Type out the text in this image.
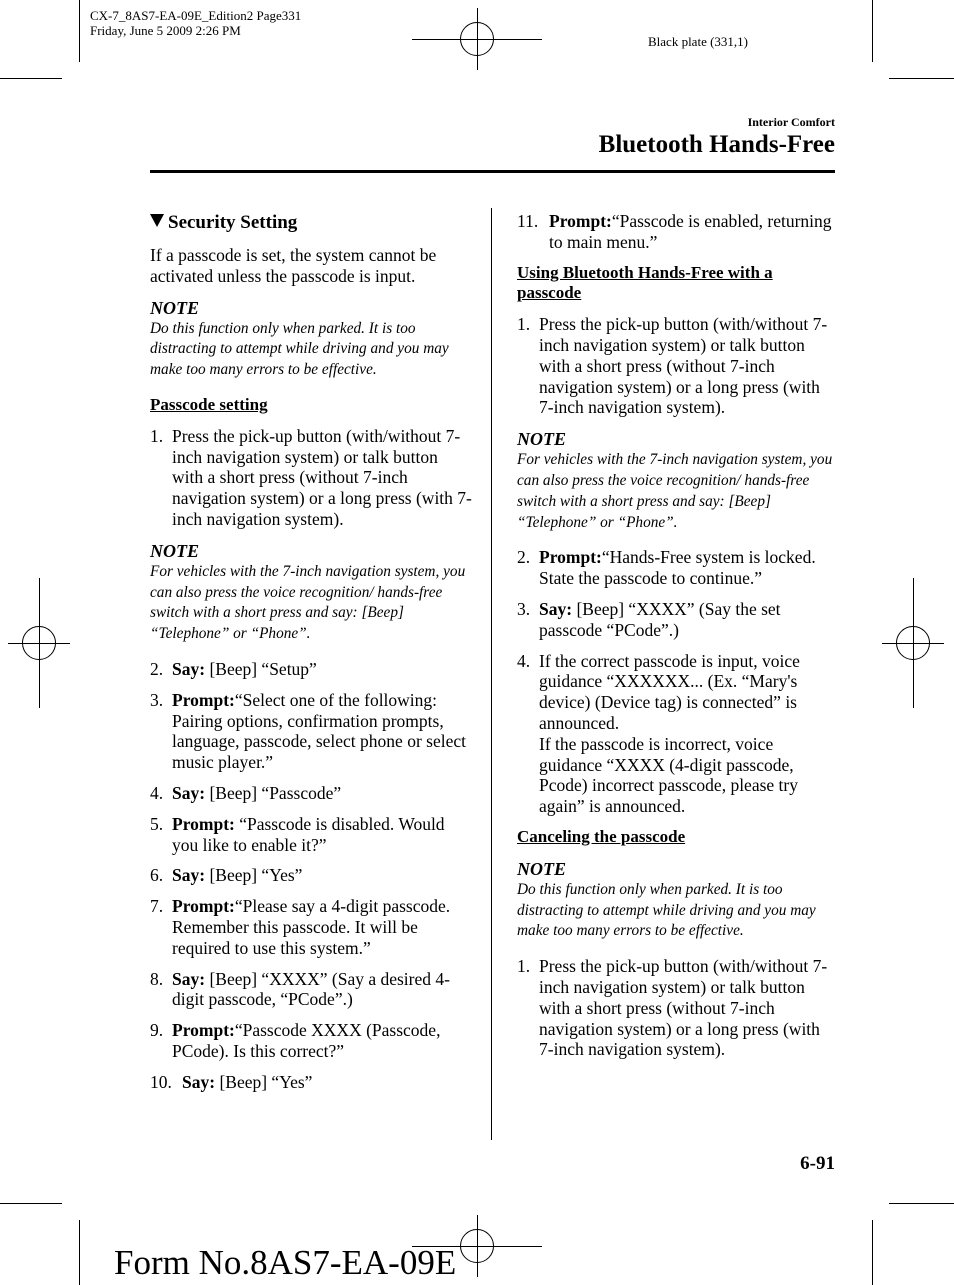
CX-7_8AS7-EA-09E_Edition2 Page331
Friday, June 5 2009 2:26 PM
Black plate (331,1)
Interior Comfort
Bluetooth Hands-Free

Security Setting

If a passcode is set, the system cannot be activated unless the passcode is input.

NOTE

Do this function only when parked. It is too distracting to attempt while driving and you may make too many errors to be effective.

Passcode setting

1. Press the pick-up button (with/without 7-inch navigation system) or talk button with a short press (without 7-inch navigation system) or a long press (with 7-inch navigation system).

NOTE

For vehicles with the 7-inch navigation system, you can also press the voice recognition/ hands-free switch with a short press and say: [Beep] “Telephone” or “Phone”.

2. Say: [Beep] “Setup”
3. Prompt:“Select one of the following: Pairing options, confirmation prompts, language, passcode, select phone or select music player.”
4. Say: [Beep] “Passcode”
5. Prompt: “Passcode is disabled. Would you like to enable it?”
6. Say: [Beep] “Yes”
7. Prompt:“Please say a 4-digit passcode. Remember this passcode. It will be required to use this system.”
8. Say: [Beep] “XXXX” (Say a desired 4-digit passcode, “PCode”.)
9. Prompt:“Passcode XXXX (Passcode, PCode). Is this correct?”
10. Say: [Beep] “Yes”
11. Prompt:“Passcode is enabled, returning to main menu.”

Using Bluetooth Hands-Free with a passcode

1. Press the pick-up button (with/without 7-inch navigation system) or talk button with a short press (without 7-inch navigation system) or a long press (with 7-inch navigation system).

NOTE

For vehicles with the 7-inch navigation system, you can also press the voice recognition/ hands-free switch with a short press and say: [Beep] “Telephone” or “Phone”.

2. Prompt:“Hands-Free system is locked. State the passcode to continue.”
3. Say: [Beep] “XXXX” (Say the set passcode “PCode”.)
4. If the correct passcode is input, voice guidance “XXXXXX... (Ex. “Mary's device) (Device tag) is connected” is announced.
If the passcode is incorrect, voice guidance “XXXX (4-digit passcode, Pcode) incorrect passcode, please try again” is announced.

Canceling the passcode

NOTE

Do this function only when parked. It is too distracting to attempt while driving and you may make too many errors to be effective.

1. Press the pick-up button (with/without 7-inch navigation system) or talk button with a short press (without 7-inch navigation system) or a long press (with 7-inch navigation system).
6-91
Form No.8AS7-EA-09E
